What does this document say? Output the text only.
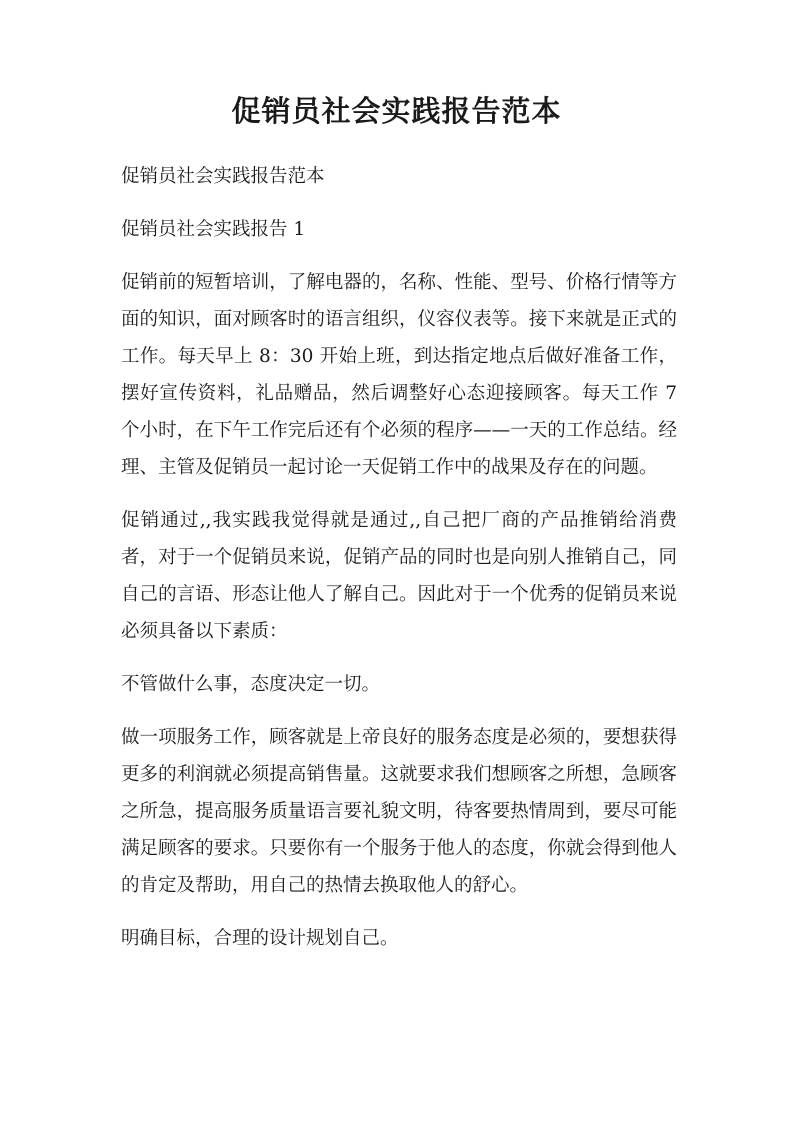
促销员社会实践报告范本

促销员社会实践报告范本

促销员社会实践报告 1

促销前的短暂培训，了解电器的，名称、性能、型号、价格行情等方面的知识，面对顾客时的语言组织，仪容仪表等。接下来就是正式的工作。每天早上 8：30 开始上班，到达指定地点后做好准备工作，摆好宣传资料，礼品赠品，然后调整好心态迎接顾客。每天工作 7 个小时，在下午工作完后还有个必须的程序——一天的工作总结。经理、主管及促销员一起讨论一天促销工作中的战果及存在的问题。

促销通过,,我实践我觉得就是通过,,自己把厂商的产品推销给消费者，对于一个促销员来说，促销产品的同时也是向别人推销自己，同自己的言语、形态让他人了解自己。因此对于一个优秀的促销员来说必须具备以下素质：

不管做什么事，态度决定一切。

做一项服务工作，顾客就是上帝良好的服务态度是必须的，要想获得更多的利润就必须提高销售量。这就要求我们想顾客之所想，急顾客之所急，提高服务质量语言要礼貌文明，待客要热情周到，要尽可能满足顾客的要求。只要你有一个服务于他人的态度，你就会得到他人的肯定及帮助，用自己的热情去换取他人的舒心。

明确目标，合理的设计规划自己。
